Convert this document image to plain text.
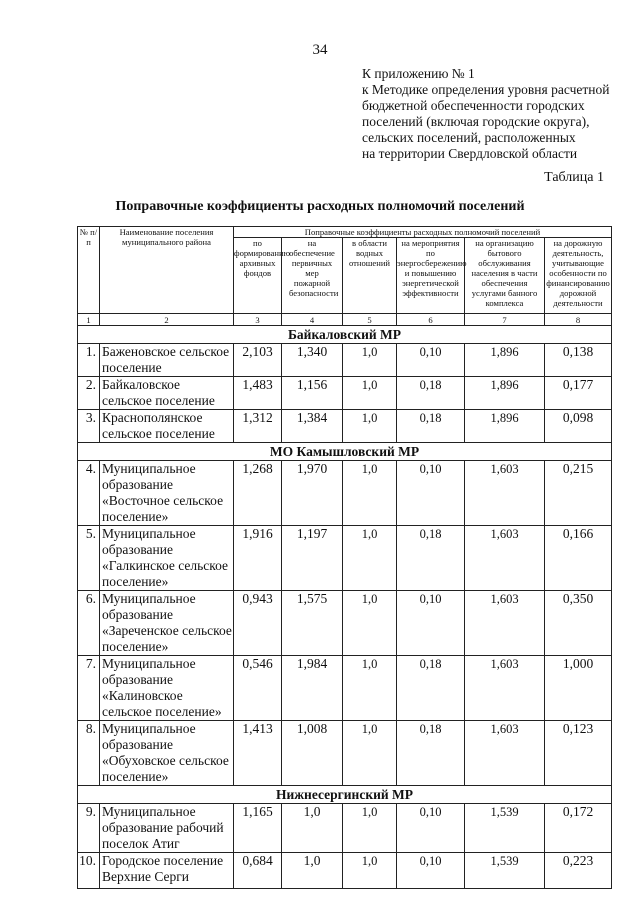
34
К приложению № 1
к Методике определения уровня расчетной
бюджетной обеспеченности городских
поселений (включая городские округа),
сельских поселений, расположенных
на территории Свердловской области
Таблица 1
Поправочные коэффициенты расходных полномочий поселений
№ п/п	Наименование поселения муниципального района	Поправочные коэффициенты расходных полномочий поселений					
		по формированию архивных фондов	на обеспечение первичных мер пожарной безопасности	в области водных отношений	на мероприятия по энергосбережению и повышению энергетической эффективности	на организацию бытового обслуживания населения в части обеспечения услугами банного комплекса	на дорожную деятельность, учитывающие особенности по финансированию дорожной деятельности
1	2	3	4	5	6	7	8
Байкаловский МР							
1.	Баженовское сельское поселение	2,103	1,340	1,0	0,10	1,896	0,138
2.	Байкаловское сельское поселение	1,483	1,156	1,0	0,18	1,896	0,177
3.	Краснополянское сельское поселение	1,312	1,384	1,0	0,18	1,896	0,098
МО Камышловский МР							
4.	Муниципальное образование «Восточное сельское поселение»	1,268	1,970	1,0	0,10	1,603	0,215
5.	Муниципальное образование «Галкинское сельское поселение»	1,916	1,197	1,0	0,18	1,603	0,166
6.	Муниципальное образование «Зареченское сельское поселение»	0,943	1,575	1,0	0,10	1,603	0,350
7.	Муниципальное образование «Калиновское сельское поселение»	0,546	1,984	1,0	0,18	1,603	1,000
8.	Муниципальное образование «Обуховское сельское поселение»	1,413	1,008	1,0	0,18	1,603	0,123
Нижнесергинский МР							
9.	Муниципальное образование рабочий поселок Атиг	1,165	1,0	1,0	0,10	1,539	0,172
10.	Городское поселение Верхние Серги	0,684	1,0	1,0	0,10	1,539	0,223
